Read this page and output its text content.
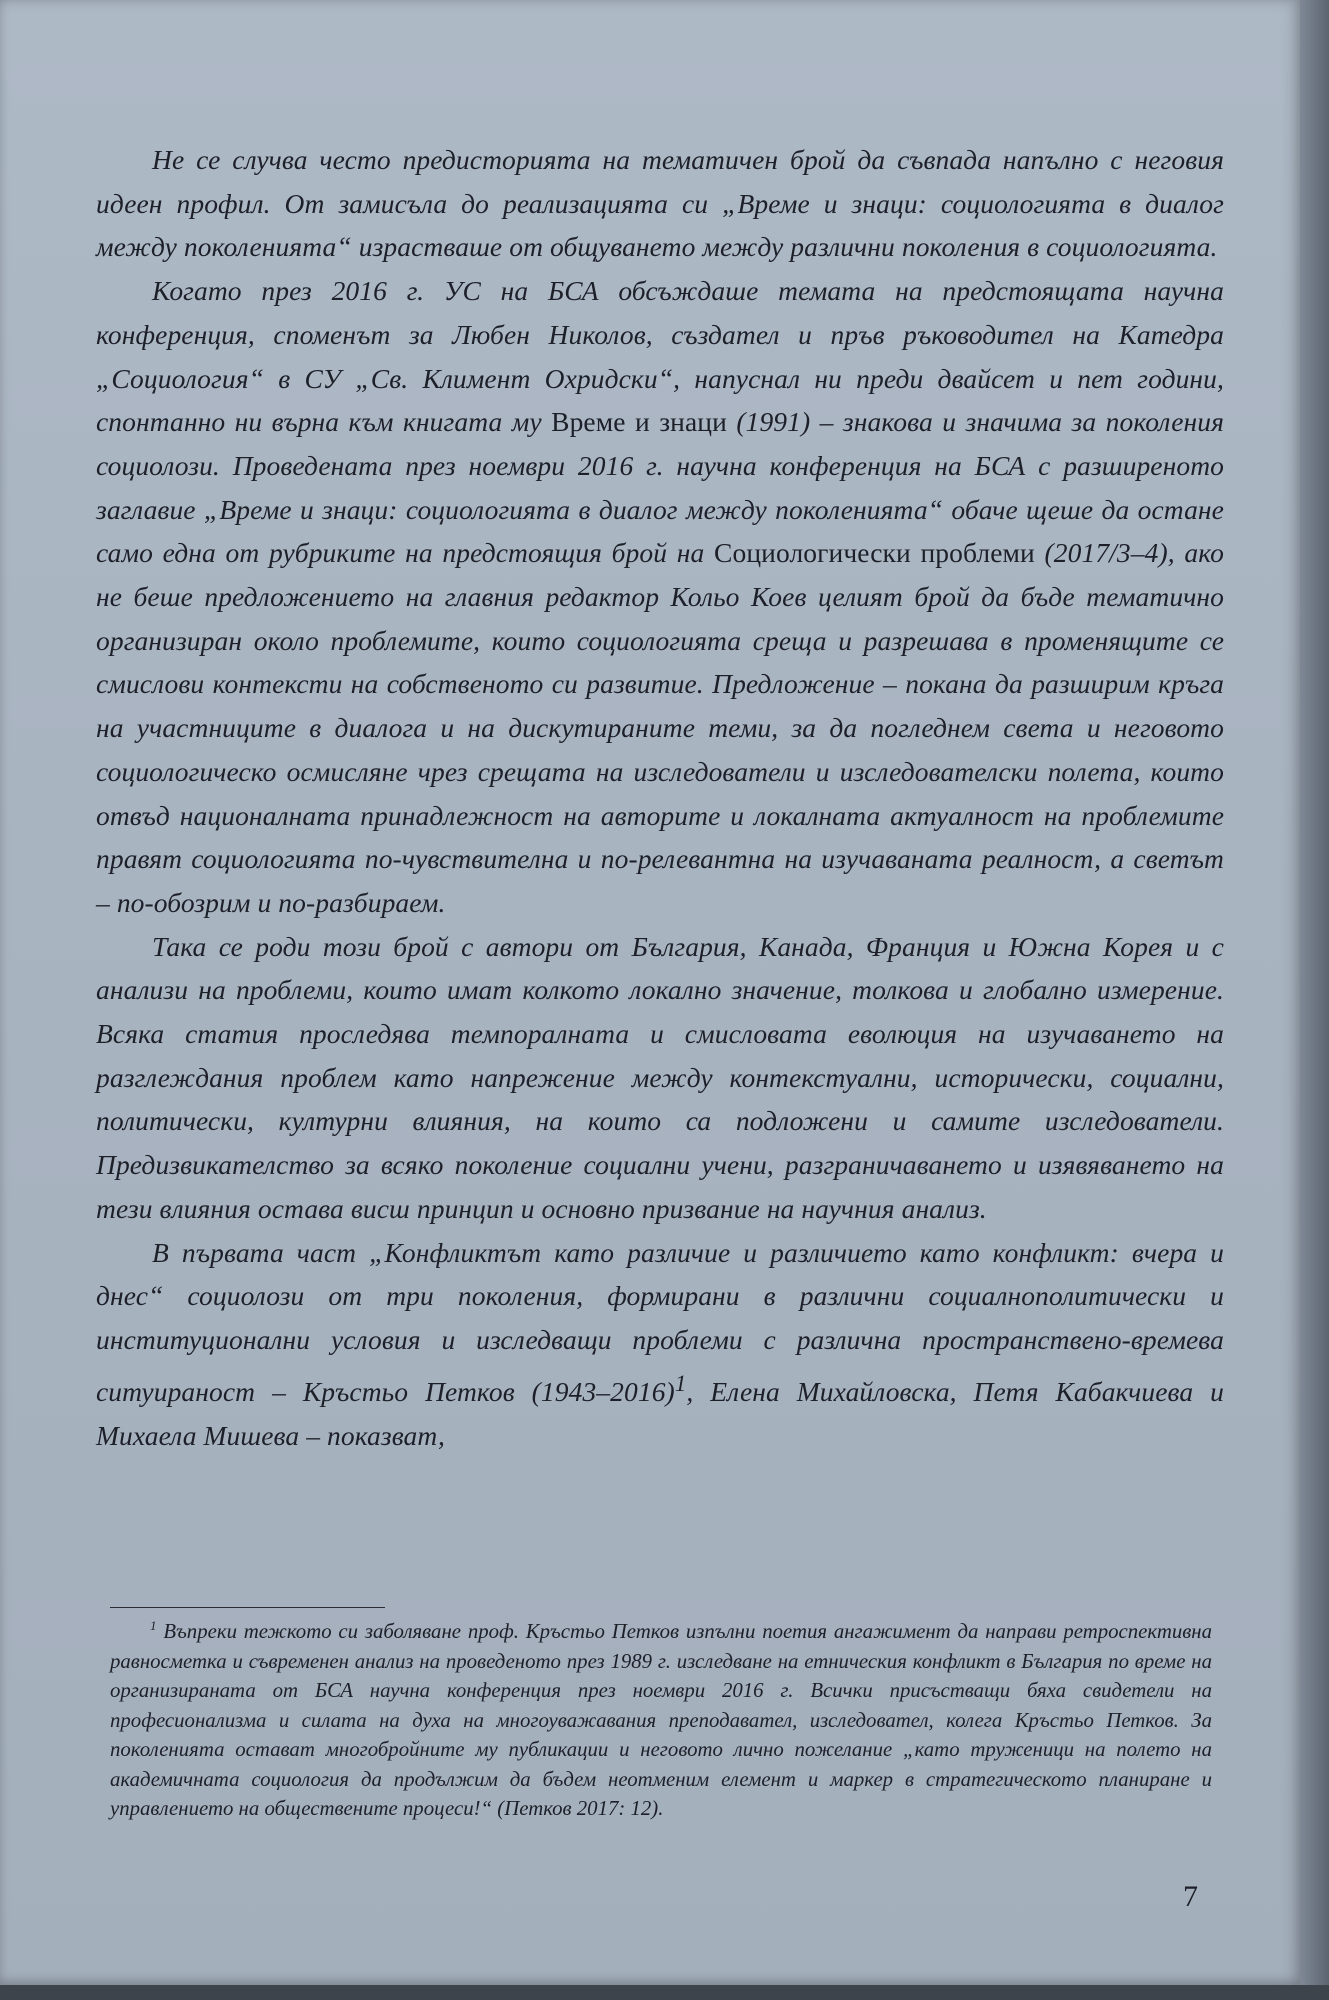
Не се случва често предисторията на тематичен брой да съвпада напълно с неговия идеен профил. От замисъла до реализацията си „Време и знаци: социологията в диалог между поколенията“ израстваше от общуването между различни поколения в социологията.

Когато през 2016 г. УС на БСА обсъждаше темата на предстоящата научна конференция, споменът за Любен Николов, създател и пръв ръководител на Катедра „Социология“ в СУ „Св. Климент Охридски“, напуснал ни преди двайсет и пет години, спонтанно ни върна към книгата му Време и знаци (1991) – знакова и значима за поколения социолози. Проведената през ноември 2016 г. научна конференция на БСА с разширеното заглавие „Време и знаци: социологията в диалог между поколенията“ обаче щеше да остане само една от рубриките на предстоящия брой на Социологически проблеми (2017/3–4), ако не беше предложението на главния редактор Кольо Коев целият брой да бъде тематично организиран около проблемите, които социологията среща и разрешава в променящите се смислови контексти на собственото си развитие. Предложение – покана да разширим кръга на участниците в диалога и на дискутираните теми, за да погледнем света и неговото социологическо осмисляне чрез срещата на изследователи и изследователски полета, които отвъд националната принадлежност на авторите и локалната актуалност на проблемите правят социологията по-чувствителна и по-релевантна на изучаваната реалност, а светът – по-обозрим и по-разбираем.

Така се роди този брой с автори от България, Канада, Франция и Южна Корея и с анализи на проблеми, които имат колкото локално значение, толкова и глобално измерение. Всяка статия проследява темпоралната и смисловата еволюция на изучаването на разглеждания проблем като напрежение между контекстуални, исторически, социални, политически, културни влияния, на които са подложени и самите изследователи. Предизвикателство за всяко поколение социални учени, разграничаването и изявяването на тези влияния остава висш принцип и основно призвание на научния анализ.

В първата част „Конфликтът като различие и различието като конфликт: вчера и днес“ социолози от три поколения, формирани в различни социалнополитически и институционални условия и изследващи проблеми с различна пространствено-времева ситуираност – Кръстьо Петков (1943–2016)$^1$, Елена Михайловска, Петя Кабакчиева и Михаела Мишева – показват,

$^1$ Въпреки тежкото си заболяване проф. Кръстьо Петков изпълни поетия ангажимент да направи ретроспективна равносметка и съвременен анализ на проведеното през 1989 г. изследване на етническия конфликт в България по време на организираната от БСА научна конференция през ноември 2016 г. Всички присъстващи бяха свидетели на професионализма и силата на духа на многоуважавания преподавател, изследовател, колега Кръстьо Петков. За поколенията остават многобройните му публикации и неговото лично пожелание „като труженици на полето на академичната социология да продължим да бъдем неотменим елемент и маркер в стратегическото планиране и управлението на обществените процеси!“ (Петков 2017: 12).

7
